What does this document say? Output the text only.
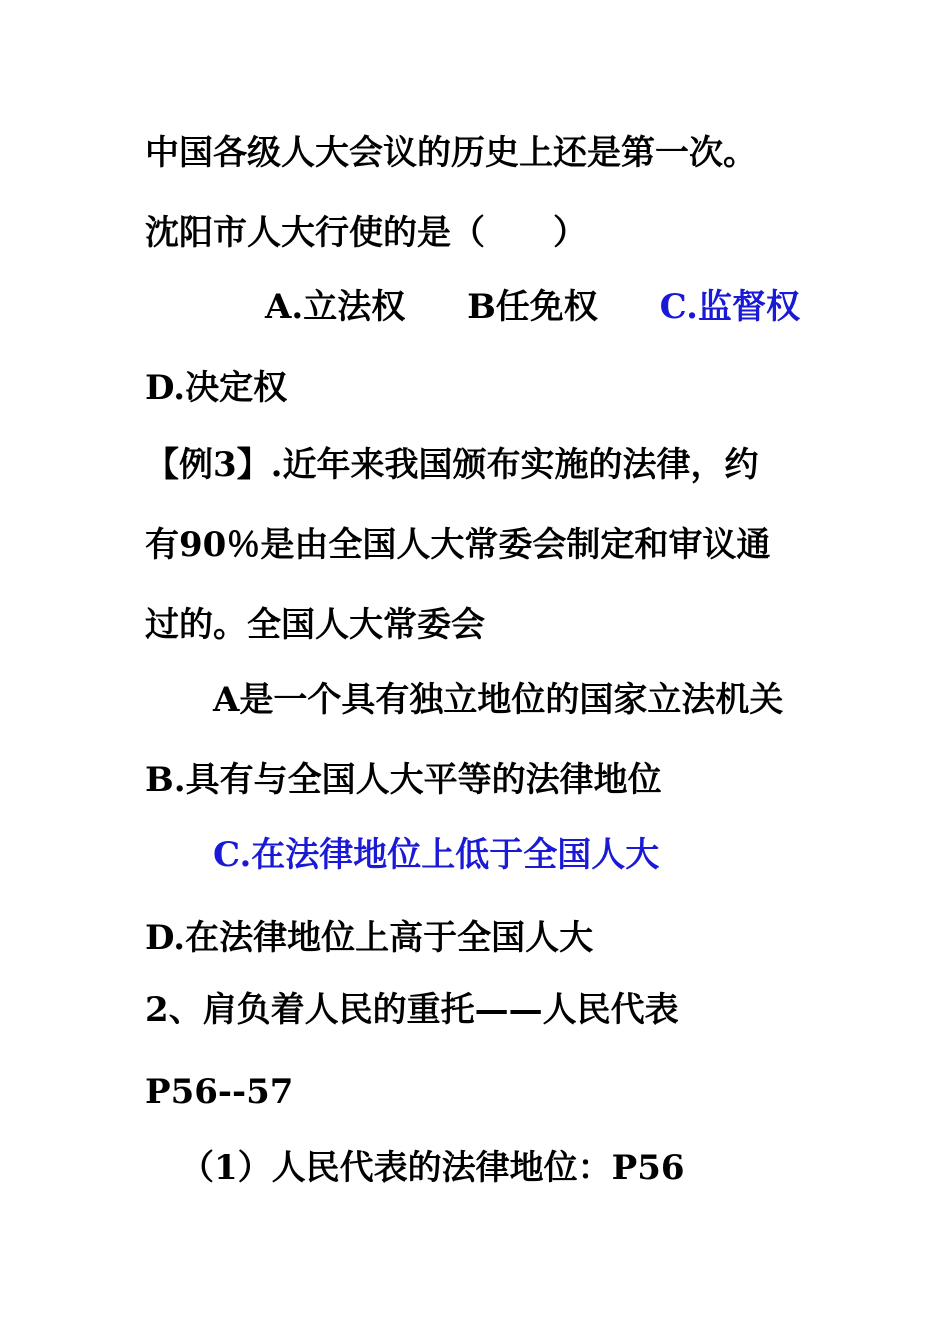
中国各级人大会议的历史上还是第一次。
沈阳市人大行使的是（　　）
A.立法权 B任免权 C.监督权
D.决定权
【例3】.近年来我国颁布实施的法律，约
有90％是由全国人大常委会制定和审议通
过的。全国人大常委会
A是一个具有独立地位的国家立法机关
B.具有与全国人大平等的法律地位
C.在法律地位上低于全国人大
D.在法律地位上高于全国人大
2、肩负着人民的重托——人民代表
P56--57
（1）人民代表的法律地位：P56
